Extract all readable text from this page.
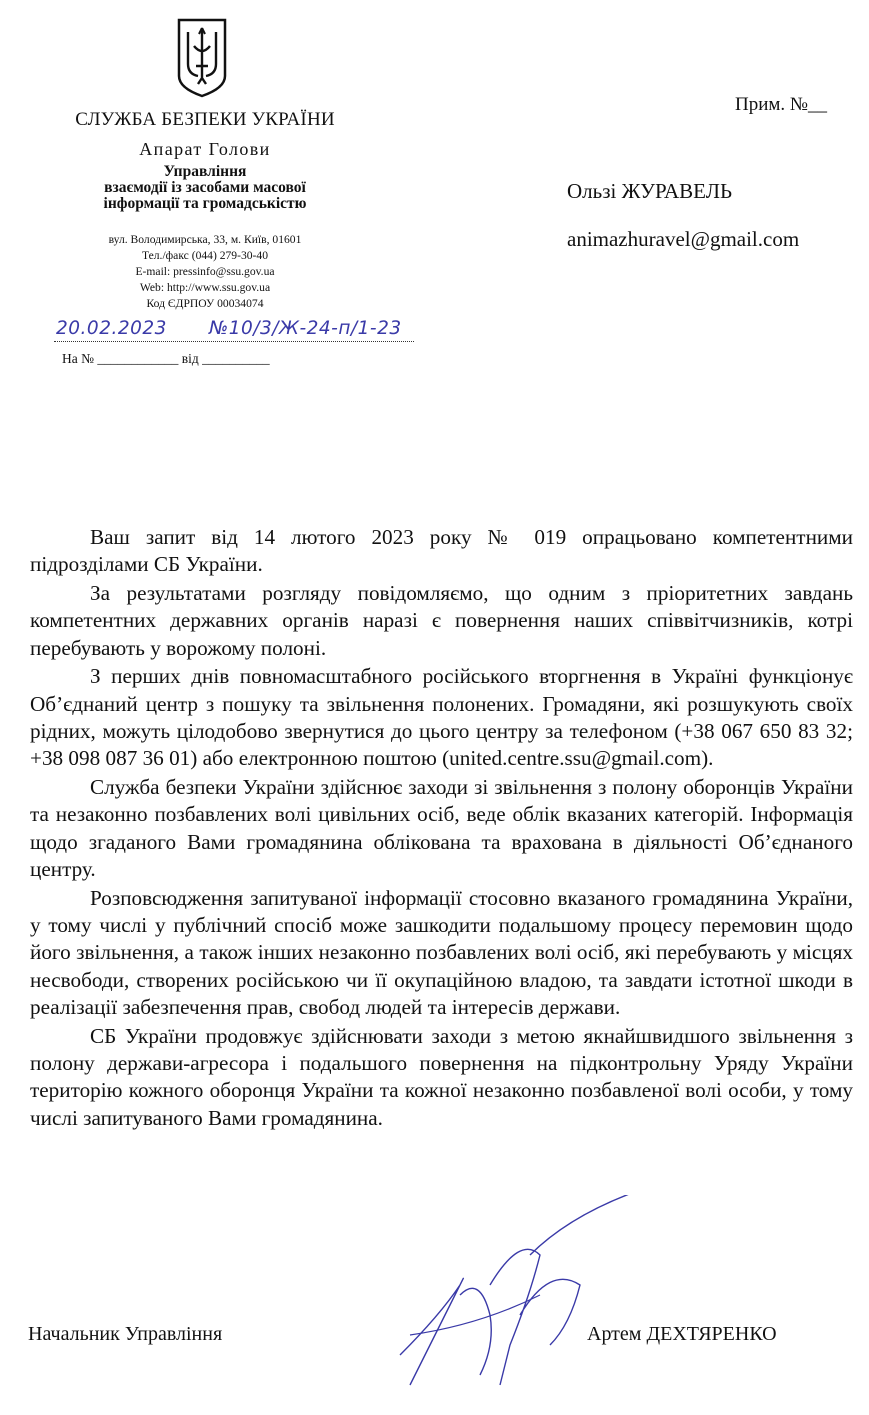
СЛУЖБА БЕЗПЕКИ УКРАЇНИ
Апарат Голови
Управління
взаємодії із засобами масової
інформації та громадськістю
вул. Володимирська, 33, м. Київ, 01601
Тел./факс (044) 279-30-40
E-mail: pressinfo@ssu.gov.ua
Web: http://www.ssu.gov.ua
Код ЄДРПОУ 00034074
20.02.2023 №10/3/Ж-24-п/1-23
На № ____________ від __________
Прим. №__
Ользі ЖУРАВЕЛЬ
animazhuravel@gmail.com

Ваш запит від 14 лютого 2023 року № 019 опрацьовано компетентними підрозділами СБ України.

За результатами розгляду повідомляємо, що одним з пріоритетних завдань компетентних державних органів наразі є повернення наших співвітчизників, котрі перебувають у ворожому полоні.

З перших днів повномасштабного російського вторгнення в Україні функціонує Об’єднаний центр з пошуку та звільнення полонених. Громадяни, які розшукують своїх рідних, можуть цілодобово звернутися до цього центру за телефоном (+38 067 650 83 32; +38 098 087 36 01) або електронною поштою (united.centre.ssu@gmail.com).

Служба безпеки України здійснює заходи зі звільнення з полону оборонців України та незаконно позбавлених волі цивільних осіб, веде облік вказаних категорій. Інформація щодо згаданого Вами громадянина облікована та врахована в діяльності Об’єднаного центру.

Розповсюдження запитуваної інформації стосовно вказаного громадянина України, у тому числі у публічний спосіб може зашкодити подальшому процесу перемовин щодо його звільнення, а також інших незаконно позбавлених волі осіб, які перебувають у місцях несвободи, створених російською чи її окупаційною владою, та завдати істотної шкоди в реалізації забезпечення прав, свобод людей та інтересів держави.

СБ України продовжує здійснювати заходи з метою якнайшвидшого звільнення з полону держави-агресора і подальшого повернення на підконтрольну Уряду України територію кожного оборонця України та кожної незаконно позбавленої волі особи, у тому числі запитуваного Вами громадянина.

Начальник Управління	Артем ДЕХТЯРЕНКО
